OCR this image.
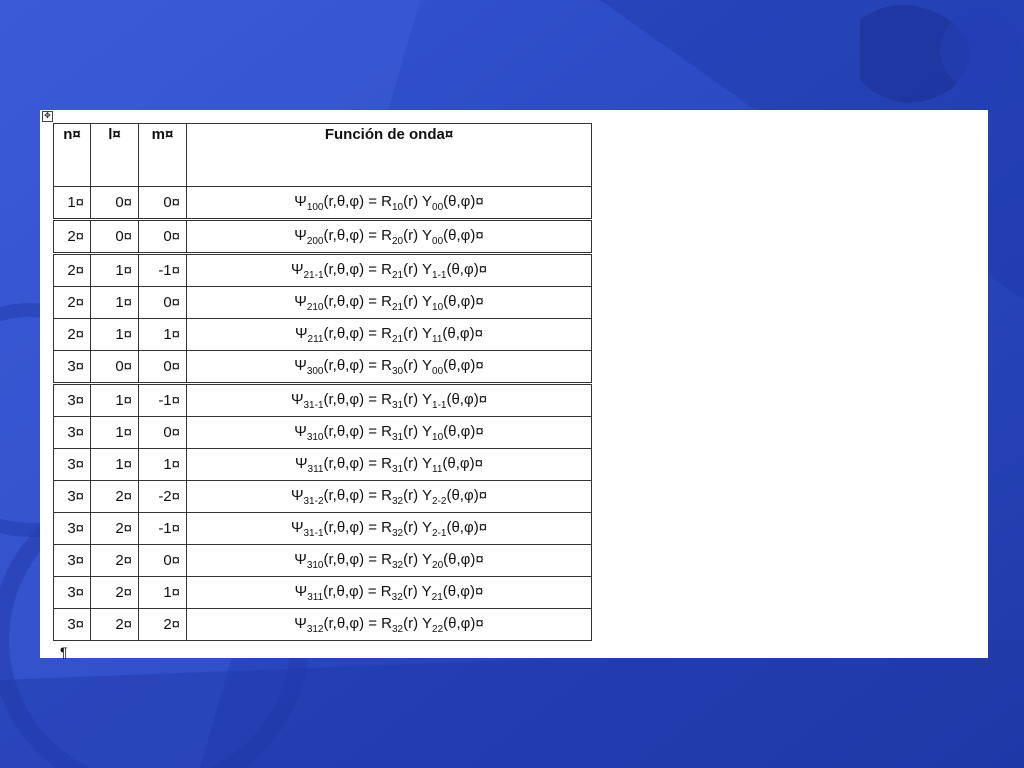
✥
n¤	l¤	m¤	Función de onda¤
1¤	0¤	0¤	$\Psi_{100}(r,\theta,\varphi) = R_{10}(r)$ $Y_{00}(\theta,\varphi)¤$
2¤	0¤	0¤	$\Psi_{200}(r,\theta,\varphi) = R_{20}(r)$ $Y_{00}(\theta,\varphi)¤$
2¤	1¤	-1¤	$\Psi_{21-1}(r,\theta,\varphi) = R_{21}(r)$ $Y_{1-1}(\theta,\varphi)¤$
2¤	1¤	0¤	$\Psi_{210}(r,\theta,\varphi) = R_{21}(r)$ $Y_{10}(\theta,\varphi)¤$
2¤	1¤	1¤	$\Psi_{211}(r,\theta,\varphi) = R_{21}(r)$ $Y_{11}(\theta,\varphi)¤$
3¤	0¤	0¤	$\Psi_{300}(r,\theta,\varphi) = R_{30}(r)$ $Y_{00}(\theta,\varphi)¤$
3¤	1¤	-1¤	$\Psi_{31-1}(r,\theta,\varphi) = R_{31}(r)$ $Y_{1-1}(\theta,\varphi)¤$
3¤	1¤	0¤	$\Psi_{310}(r,\theta,\varphi) = R_{31}(r)$ $Y_{10}(\theta,\varphi)¤$
3¤	1¤	1¤	$\Psi_{311}(r,\theta,\varphi) = R_{31}(r)$ $Y_{11}(\theta,\varphi)¤$
3¤	2¤	-2¤	$\Psi_{31-2}(r,\theta,\varphi) = R_{32}(r)$ $Y_{2-2}(\theta,\varphi)¤$
3¤	2¤	-1¤	$\Psi_{31-1}(r,\theta,\varphi) = R_{32}(r)$ $Y_{2-1}(\theta,\varphi)¤$
3¤	2¤	0¤	$\Psi_{310}(r,\theta,\varphi) = R_{32}(r)$ $Y_{20}(\theta,\varphi)¤$
3¤	2¤	1¤	$\Psi_{311}(r,\theta,\varphi) = R_{32}(r)$ $Y_{21}(\theta,\varphi)¤$
3¤	2¤	2¤	$\Psi_{312}(r,\theta,\varphi) = R_{32}(r)$ $Y_{22}(\theta,\varphi)¤$
¶
